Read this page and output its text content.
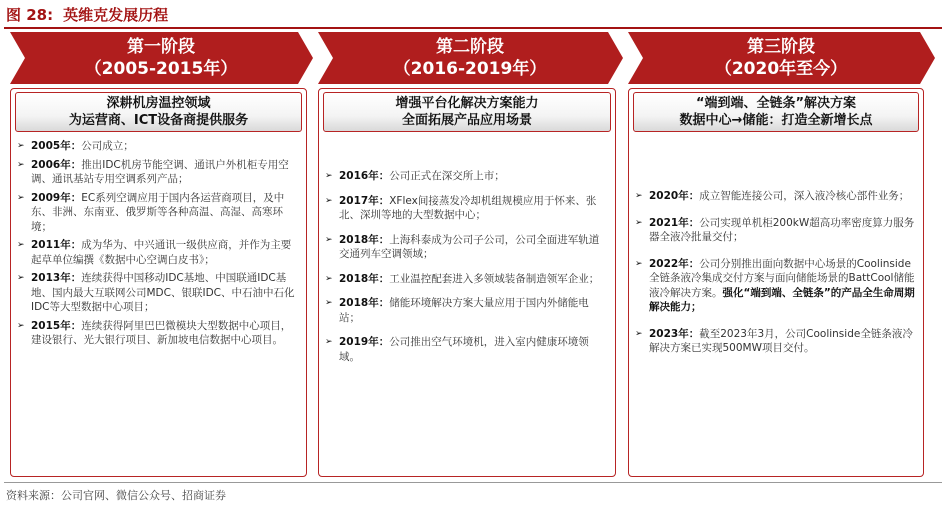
图 28: 英维克发展历程
第一阶段
（2005-2015年）
第二阶段
（2016-2019年）
第三阶段
（2020年至今）
深耕机房温控领域
为运营商、ICT设备商提供服务
➢ 2005年：公司成立；
➢ 2006年：推出IDC机房节能空调、通讯户外机柜专用空调、通讯基站专用空调系列产品；
➢ 2009年：EC系列空调应用于国内各运营商项目，及中东、非洲、东南亚、俄罗斯等各种高温、高湿、高寒环境；
➢ 2011年：成为华为、中兴通讯一级供应商，并作为主要起草单位编撰《数据中心空调白皮书》；
➢ 2013年：连续获得中国移动IDC基地、中国联通IDC基地、国内最大互联网公司MDC、银联IDC、中石油中石化IDC等大型数据中心项目；
➢ 2015年：连续获得阿里巴巴微模块大型数据中心项目，建设银行、光大银行项目、新加坡电信数据中心项目。
增强平台化解决方案能力
全面拓展产品应用场景
➢ 2016年：公司正式在深交所上市；
➢ 2017年：XFlex间接蒸发冷却机组规模应用于怀来、张北、深圳等地的大型数据中心；
➢ 2018年：上海科泰成为公司子公司，公司全面进军轨道交通列车空调领域；
➢ 2018年：工业温控配套进入多领域装备制造领军企业；
➢ 2018年：储能环境解决方案大量应用于国内外储能电站；
➢ 2019年：公司推出空气环境机，进入室内健康环境领域。
“端到端、全链条”解决方案
数据中心→储能：打造全新增长点
➢ 2020年：成立智能连接公司，深入液冷核心部件业务；
➢ 2021年：公司实现单机柜200kW超高功率密度算力服务器全液冷批量交付；
➢ 2022年：公司分别推出面向数据中心场景的Coolinside全链条液冷集成交付方案与面向储能场景的BattCool储能液冷解决方案。强化“端到端、全链条”的产品全生命周期解决能力；
➢ 2023年：截至2023年3月，公司Coolinside全链条液冷解决方案已实现500MW项目交付。
资料来源：公司官网、微信公众号、招商证券
